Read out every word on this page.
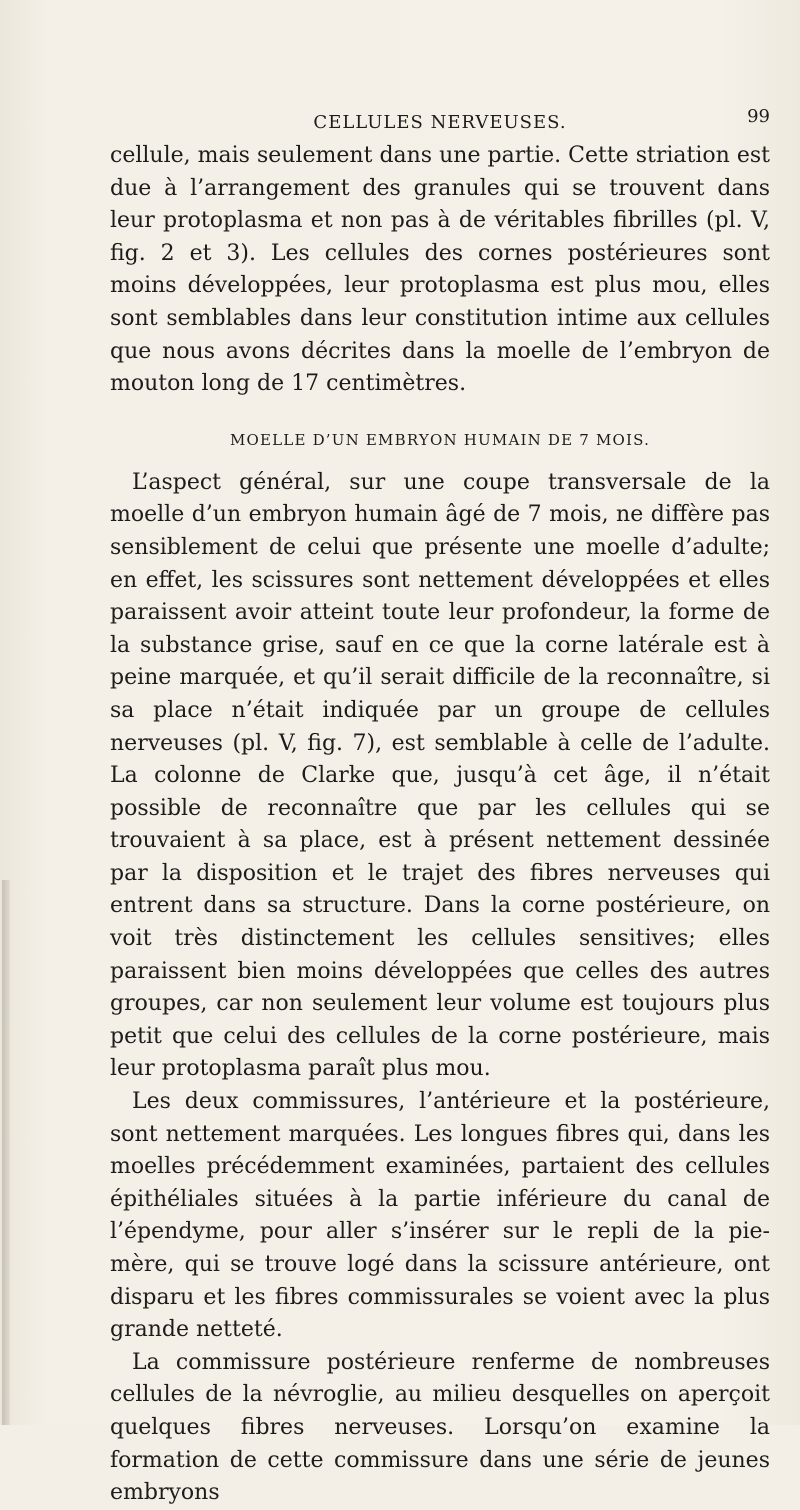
CELLULES NERVEUSES.	99

cellule, mais seulement dans une partie. Cette striation est due à l’arrangement des granules qui se trouvent dans leur protoplasma et non pas à de véritables fibrilles (pl. V, fig. 2 et 3). Les cellules des cornes postérieures sont moins développées, leur protoplasma est plus mou, elles sont semblables dans leur constitution intime aux cellules que nous avons décrites dans la moelle de l’embryon de mouton long de 17 centimètres.

MOELLE D’UN EMBRYON HUMAIN DE 7 MOIS.

L’aspect général, sur une coupe transversale de la moelle d’un embryon humain âgé de 7 mois, ne diffère pas sensiblement de celui que présente une moelle d’adulte; en effet, les scissures sont nettement développées et elles paraissent avoir atteint toute leur profondeur, la forme de la substance grise, sauf en ce que la corne latérale est à peine marquée, et qu’il serait difficile de la reconnaître, si sa place n’était indiquée par un groupe de cellules nerveuses (pl. V, fig. 7), est semblable à celle de l’adulte. La colonne de Clarke que, jusqu’à cet âge, il n’était possible de reconnaître que par les cellules qui se trouvaient à sa place, est à présent nettement dessinée par la disposition et le trajet des fibres nerveuses qui entrent dans sa structure. Dans la corne postérieure, on voit très distinctement les cellules sensitives; elles paraissent bien moins développées que celles des autres groupes, car non seulement leur volume est toujours plus petit que celui des cellules de la corne postérieure, mais leur protoplasma paraît plus mou.

Les deux commissures, l’antérieure et la postérieure, sont nettement marquées. Les longues fibres qui, dans les moelles précédemment examinées, partaient des cellules épithéliales situées à la partie inférieure du canal de l’épendyme, pour aller s’insérer sur le repli de la pie-mère, qui se trouve logé dans la scissure antérieure, ont disparu et les fibres commissurales se voient avec la plus grande netteté.

La commissure postérieure renferme de nombreuses cellules de la névroglie, au milieu desquelles on aperçoit quelques fibres nerveuses. Lorsqu’on examine la formation de cette commissure dans une série de jeunes embryons
